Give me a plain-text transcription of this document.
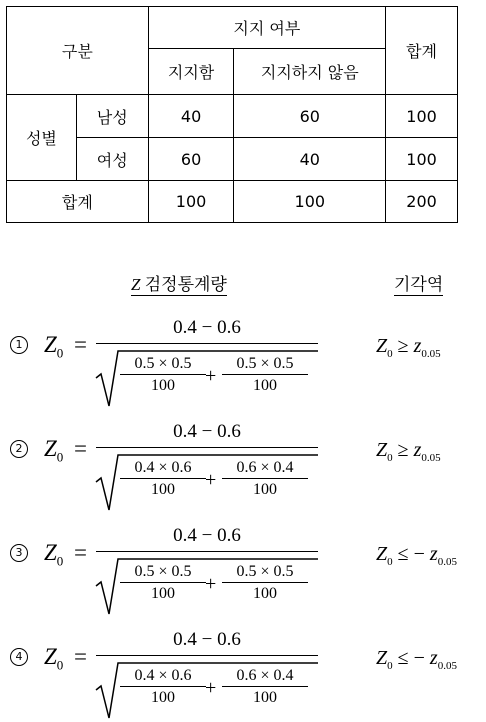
구분		지지 여부		합계
		지지함	지지하지 않음	
성별	남성	40	60	100
	여성	60	40	100
합계		100	100	200
Z 검정통계량	기각역
1 $Z_0$ =
0.4 − 0.6
0.5 × 0.5
100	+
0.5 × 0.5
100
$Z_0 \ge z_{0.05}$
2 $Z_0$ =
0.4 − 0.6
0.4 × 0.6
100	+
0.6 × 0.4
100
$Z_0 \ge z_{0.05}$
3 $Z_0$ =
0.4 − 0.6
0.5 × 0.5
100	+
0.5 × 0.5
100
$Z_0$ ≤ − $z_{0.05}$
4 $Z_0$ =
0.4 − 0.6
0.4 × 0.6
100	+
0.6 × 0.4
100
$Z_0$ ≤ − $z_{0.05}$
